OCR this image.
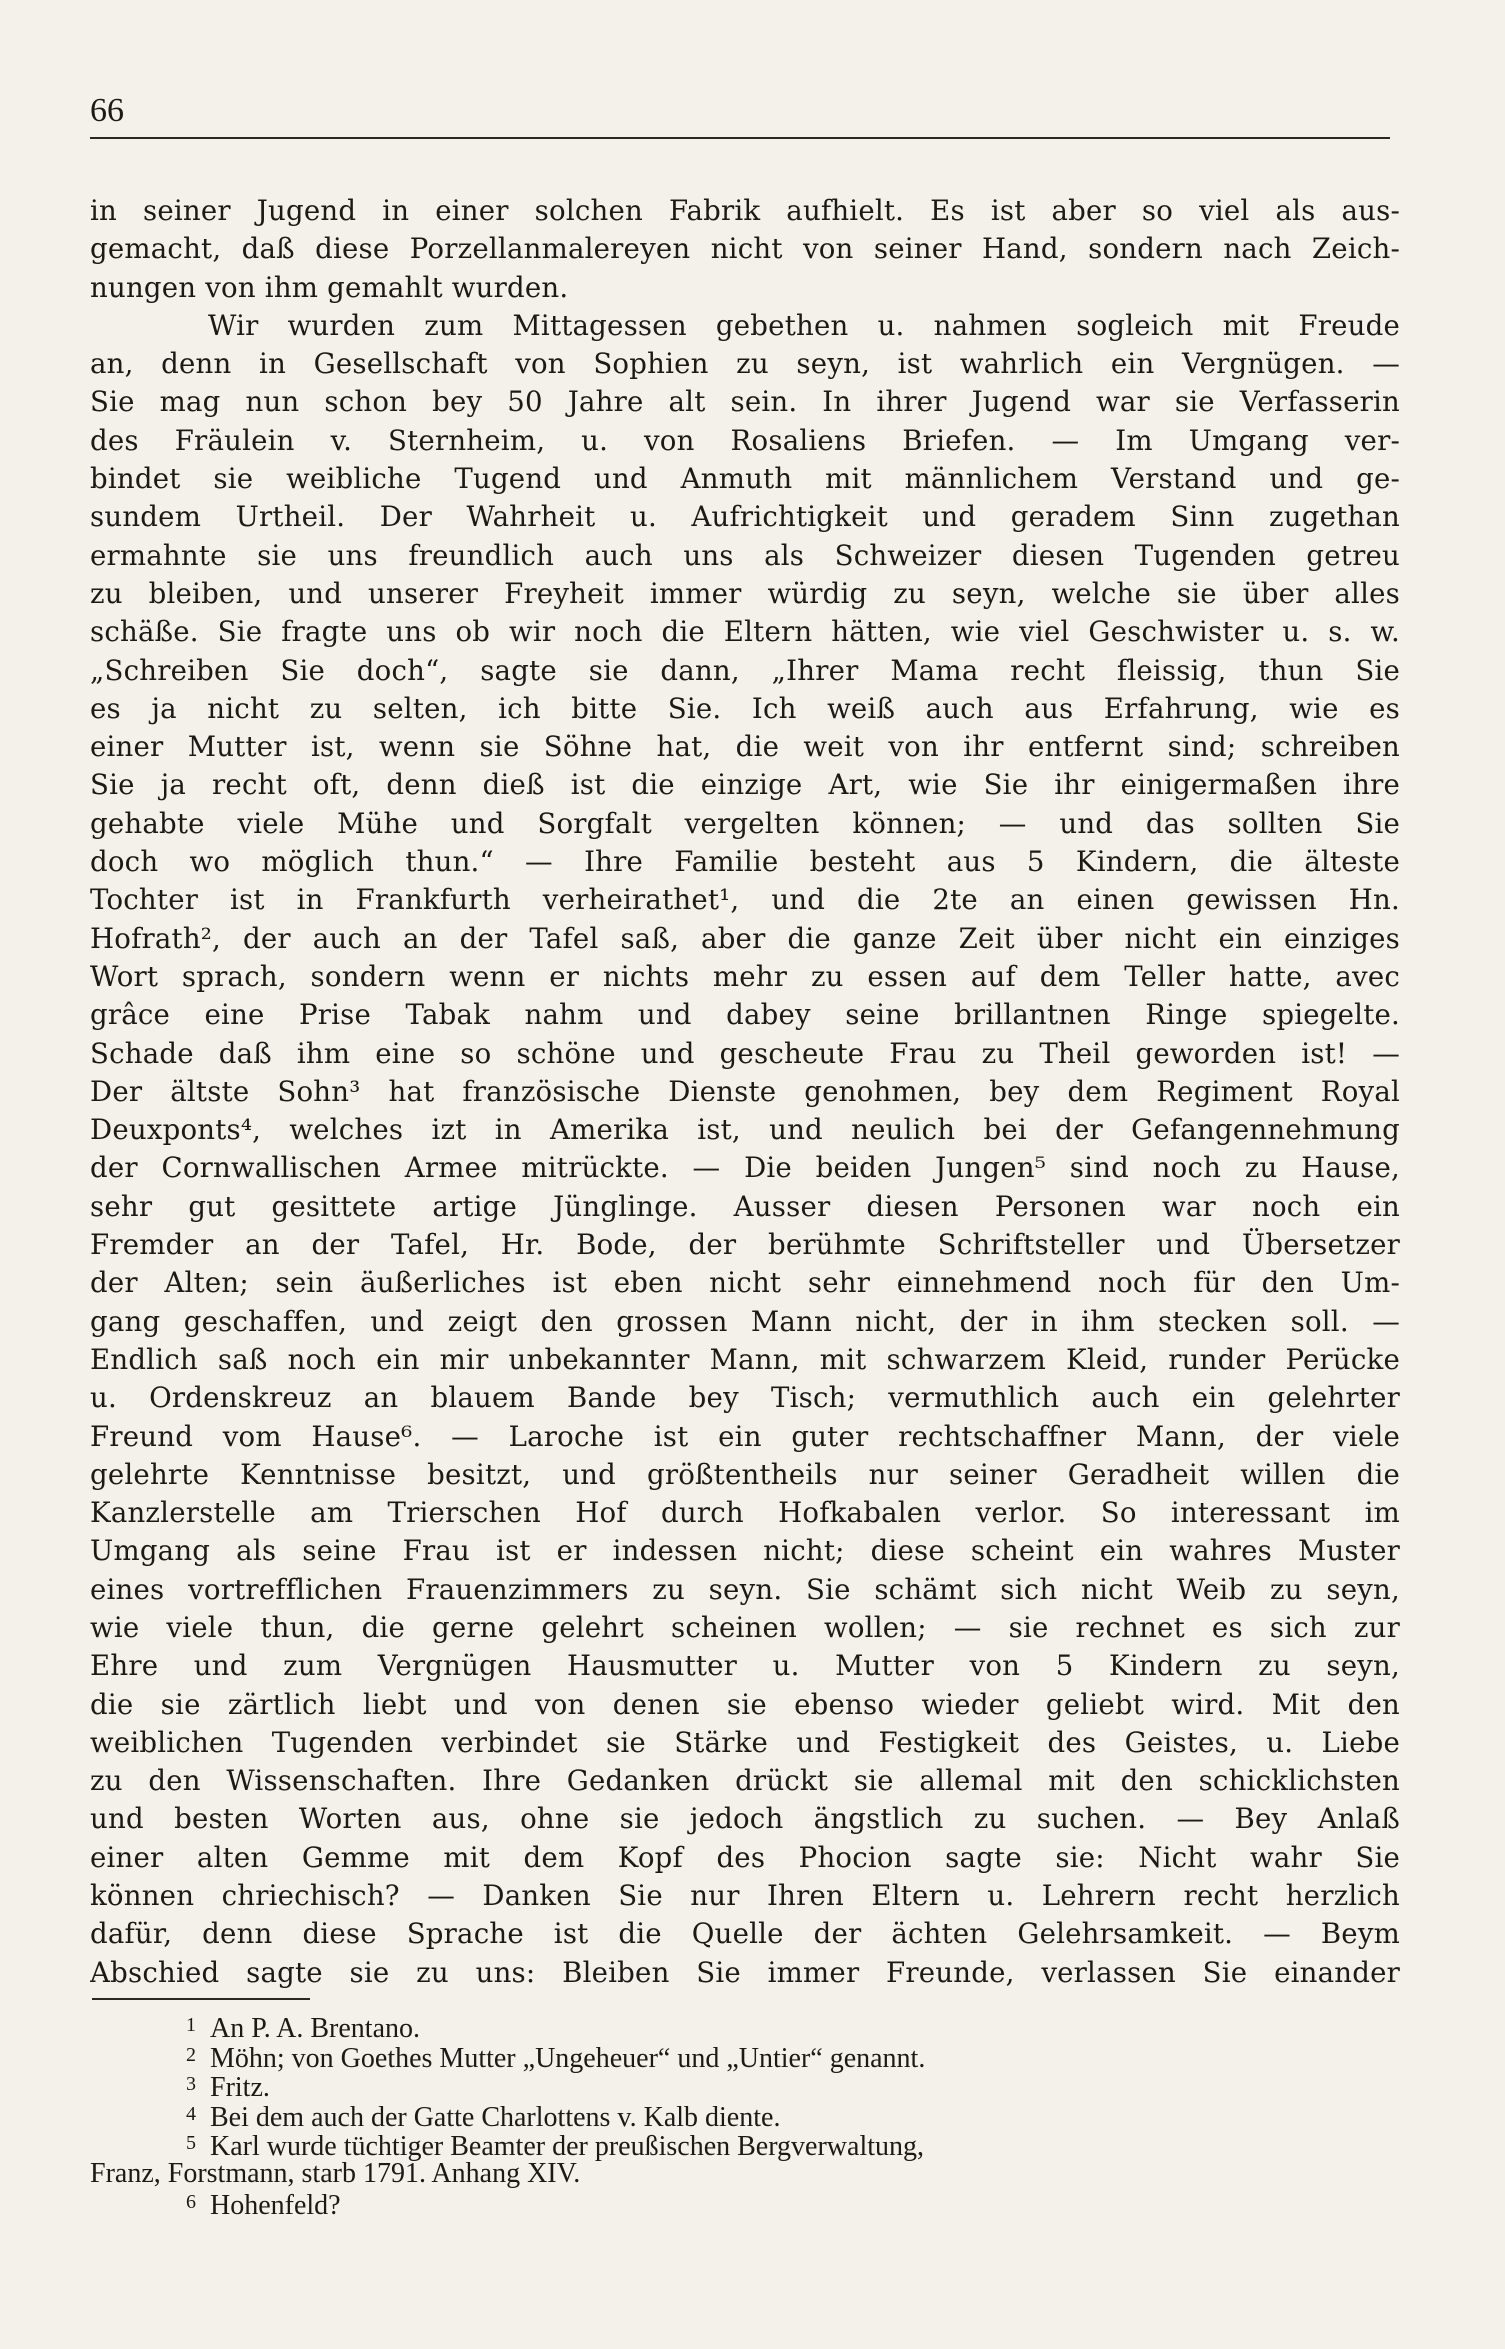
66
in seiner Jugend in einer solchen Fabrik aufhielt. Es ist aber so viel als aus-
gemacht, daß diese Porzellanmalereyen nicht von seiner Hand, sondern nach Zeich-
nungen von ihm gemahlt wurden.
Wir wurden zum Mittagessen gebethen u. nahmen sogleich mit Freude
an, denn in Gesellschaft von Sophien zu seyn, ist wahrlich ein Vergnügen. —
Sie mag nun schon bey 50 Jahre alt sein. In ihrer Jugend war sie Verfasserin
des Fräulein v. Sternheim, u. von Rosaliens Briefen. — Im Umgang ver-
bindet sie weibliche Tugend und Anmuth mit männlichem Verstand und ge-
sundem Urtheil. Der Wahrheit u. Aufrichtigkeit und geradem Sinn zugethan
ermahnte sie uns freundlich auch uns als Schweizer diesen Tugenden getreu
zu bleiben, und unserer Freyheit immer würdig zu seyn, welche sie über alles
schäße. Sie fragte uns ob wir noch die Eltern hätten, wie viel Geschwister u. s. w.
„Schreiben Sie doch“, sagte sie dann, „Ihrer Mama recht fleissig, thun Sie
es ja nicht zu selten, ich bitte Sie. Ich weiß auch aus Erfahrung, wie es
einer Mutter ist, wenn sie Söhne hat, die weit von ihr entfernt sind; schreiben
Sie ja recht oft, denn dieß ist die einzige Art, wie Sie ihr einigermaßen ihre
gehabte viele Mühe und Sorgfalt vergelten können; — und das sollten Sie
doch wo möglich thun.“ — Ihre Familie besteht aus 5 Kindern, die älteste
Tochter ist in Frankfurth verheirathet¹, und die 2te an einen gewissen Hn.
Hofrath², der auch an der Tafel saß, aber die ganze Zeit über nicht ein einziges
Wort sprach, sondern wenn er nichts mehr zu essen auf dem Teller hatte, avec
grâce eine Prise Tabak nahm und dabey seine brillantnen Ringe spiegelte.
Schade daß ihm eine so schöne und gescheute Frau zu Theil geworden ist! —
Der ältste Sohn³ hat französische Dienste genohmen, bey dem Regiment Royal
Deuxponts⁴, welches izt in Amerika ist, und neulich bei der Gefangennehmung
der Cornwallischen Armee mitrückte. — Die beiden Jungen⁵ sind noch zu Hause,
sehr gut gesittete artige Jünglinge. Ausser diesen Personen war noch ein
Fremder an der Tafel, Hr. Bode, der berühmte Schriftsteller und Übersetzer
der Alten; sein äußerliches ist eben nicht sehr einnehmend noch für den Um-
gang geschaffen, und zeigt den grossen Mann nicht, der in ihm stecken soll. —
Endlich saß noch ein mir unbekannter Mann, mit schwarzem Kleid, runder Perücke
u. Ordenskreuz an blauem Bande bey Tisch; vermuthlich auch ein gelehrter
Freund vom Hause⁶. — Laroche ist ein guter rechtschaffner Mann, der viele
gelehrte Kenntnisse besitzt, und größtentheils nur seiner Geradheit willen die
Kanzlerstelle am Trierschen Hof durch Hofkabalen verlor. So interessant im
Umgang als seine Frau ist er indessen nicht; diese scheint ein wahres Muster
eines vortrefflichen Frauenzimmers zu seyn. Sie schämt sich nicht Weib zu seyn,
wie viele thun, die gerne gelehrt scheinen wollen; — sie rechnet es sich zur
Ehre und zum Vergnügen Hausmutter u. Mutter von 5 Kindern zu seyn,
die sie zärtlich liebt und von denen sie ebenso wieder geliebt wird. Mit den
weiblichen Tugenden verbindet sie Stärke und Festigkeit des Geistes, u. Liebe
zu den Wissenschaften. Ihre Gedanken drückt sie allemal mit den schicklichsten
und besten Worten aus, ohne sie jedoch ängstlich zu suchen. — Bey Anlaß
einer alten Gemme mit dem Kopf des Phocion sagte sie: Nicht wahr Sie
können chriechisch? — Danken Sie nur Ihren Eltern u. Lehrern recht herzlich
dafür, denn diese Sprache ist die Quelle der ächten Gelehrsamkeit. — Beym
Abschied sagte sie zu uns: Bleiben Sie immer Freunde, verlassen Sie einander
1 An P. A. Brentano.
2 Möhn; von Goethes Mutter „Ungeheuer“ und „Untier“ genannt.
3 Fritz.
4 Bei dem auch der Gatte Charlottens v. Kalb diente.
5 Karl wurde tüchtiger Beamter der preußischen Bergverwaltung,
Franz, Forstmann, starb 1791. Anhang XIV.
6 Hohenfeld?
